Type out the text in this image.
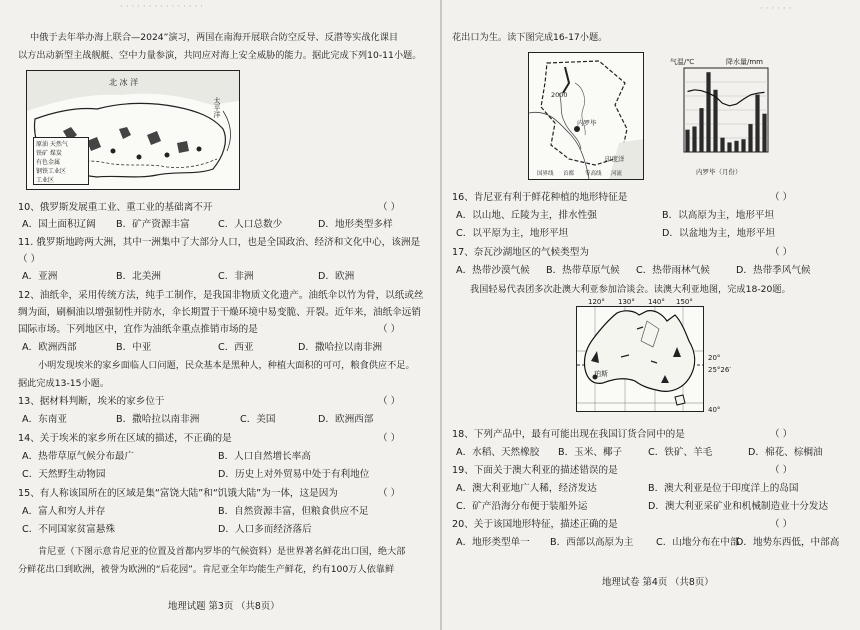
· · · · · · · · · · · · · · ·	· · · · · ·
中俄于去年举办海上联合—2024”演习，两国在南海开展联合防空反导、反潜等实战化课目
以方出动新型主战舰艇、空中力量参演，共同应对海上安全威胁的能力。据此完成下列10-11小题。
北 冰 洋
太平洋
原油 天然气
铁矿 煤炭
有色金属
钢铁工业区
工业区
10、俄罗斯发展重工业、重工业的基础离不开	（ ）
A．国土面积辽阔 B．矿产资源丰富	C．人口总数少	D．地形类型多样
11. 俄罗斯地跨两大洲，其中一洲集中了大部分人口，也是全国政治、经济和文化中心，该洲是
（ ）
A．亚洲	B．北美洲	C．非洲	D．欧洲
12、油纸伞，采用传统方法，纯手工制作，是我国非物质文化遗产。油纸伞以竹为骨，以纸或丝
绸为面，刷桐油以增强韧性并防水，伞长期置于干燥环境中易变脆、开裂。近年来，油纸伞远销
国际市场。下列地区中，宜作为油纸伞重点推销市场的是	（ ）
A．欧洲西部	B．中亚	C．西亚	D．撒哈拉以南非洲
小明发现埃米的家乡面临人口问题，民众基本是黑种人，种植大面积的可可，粮食供应不足。
据此完成13-15小题。
13、据材料判断，埃米的家乡位于	（ ）
A．东南亚	B．撒哈拉以南非洲	C．美国	D．欧洲西部
14、关于埃米的家乡所在区域的描述，不正确的是	（ ）
A．热带草原气候分布最广	B．人口自然增长率高
C．天然野生动物园	D．历史上对外贸易中处于有利地位
15、有人称该国所在的区域是集“富饶大陆”和“饥饿大陆”为一体，这是因为	（ ）
A．富人和穷人并存	B．自然资源丰富，但粮食供应不足
C．不同国家贫富悬殊	D．人口多而经济落后
肯尼亚（下图示意肯尼亚的位置及首都内罗毕的气候资料）是世界著名鲜花出口国，绝大部
分鲜花出口到欧洲，被誉为欧洲的“后花园”。肯尼亚全年均能生产鲜花，约有100万人依靠鲜
地理试题 第3页 （共8页）
花出口为生。读下图完成16-17小题。
2000
内罗毕
印度洋
国界线 首都 等高线 河流
气温/℃	降水量/mm
内罗毕（月份）
16、肯尼亚有利于鲜花种植的地形特征是	（ ）
A．以山地、丘陵为主，排水性强	B．以高原为主，地形平坦
C．以平原为主，地形平坦	D．以盆地为主，地形平坦
17、奈瓦沙湖地区的气候类型为	（ ）
A．热带沙漠气候 B．热带草原气候 C．热带雨林气候	D．热带季风气候
我国轻易代表团多次赴澳大利亚参加洽谈会。读澳大利亚地图，完成18-20题。
120° 130° 140° 150°
珀斯
20°
25°26′
40°
18、下列产品中，最有可能出现在我国订货合同中的是	（ ）
A．水稻、天然橡胶 B．玉米、椰子	C．铁矿、羊毛	D．棉花、棕榈油
19、下面关于澳大利亚的描述错误的是	（ ）
A．澳大利亚地广人稀，经济发达	B．澳大利亚是位于印度洋上的岛国
C．矿产沿海分布便于装船外运	D．澳大利亚采矿业和机械制造业十分发达
20、关于该国地形特征，描述正确的是	（ ）
A．地形类型单一 B．西部以高原为主 C．山地分布在中部
D．地势东西低，中部高
地理试卷 第4页 （共8页）
